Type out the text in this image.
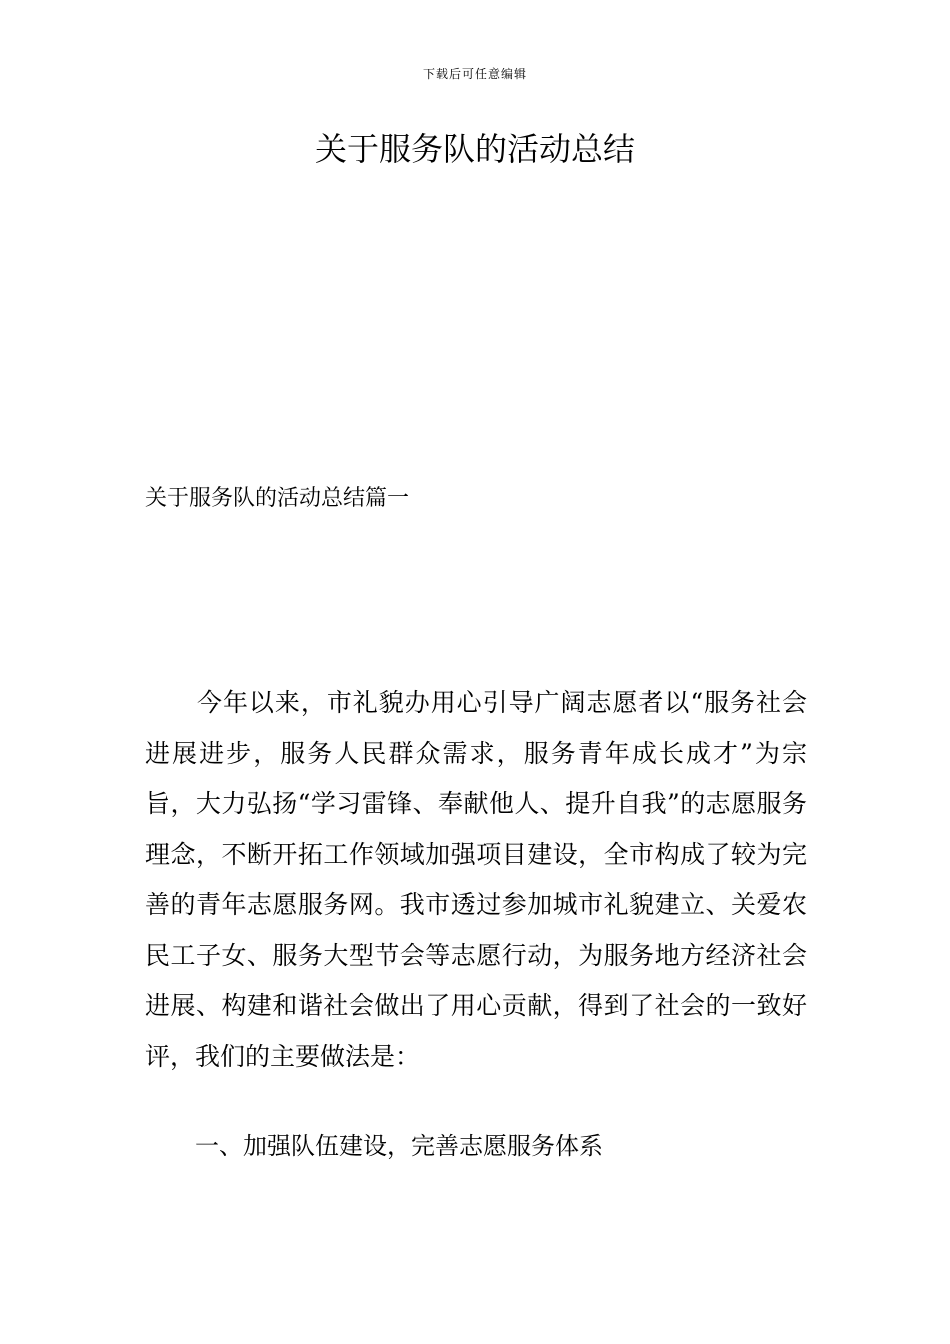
下载后可任意编辑
关于服务队的活动总结
关于服务队的活动总结篇一

今年以来，市礼貌办用心引导广阔志愿者以“服务社会进展进步，服务人民群众需求，服务青年成长成才”为宗旨，大力弘扬“学习雷锋、奉献他人、提升自我”的志愿服务理念，不断开拓工作领域加强项目建设，全市构成了较为完善的青年志愿服务网。我市透过参加城市礼貌建立、关爱农民工子女、服务大型节会等志愿行动，为服务地方经济社会进展、构建和谐社会做出了用心贡献，得到了社会的一致好评，我们的主要做法是：

一、加强队伍建设，完善志愿服务体系
